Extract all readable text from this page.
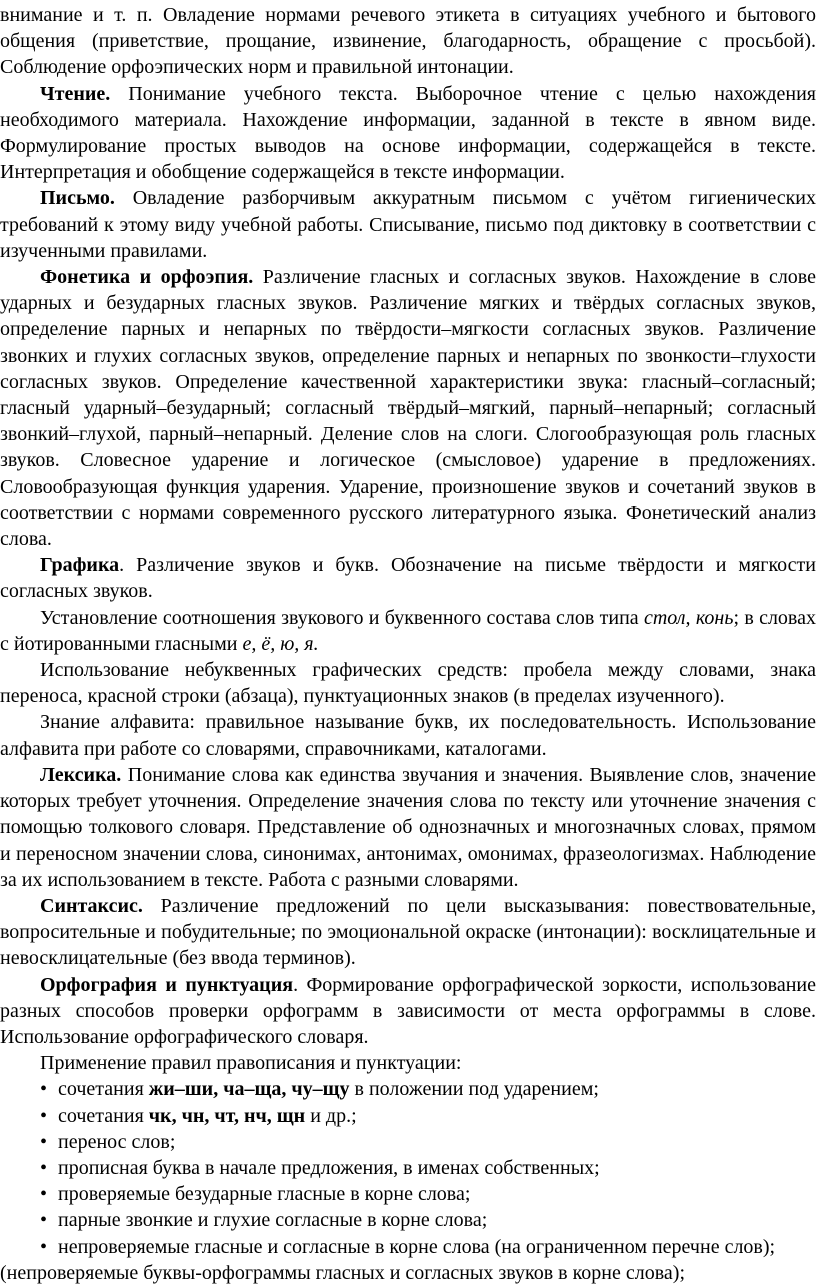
внимание и т. п. Овладение нормами речевого этикета в ситуациях учебного и бытового общения (приветствие, прощание, извинение, благодарность, обращение с просьбой). Соблюдение орфоэпических норм и правильной интонации.

Чтение. Понимание учебного текста. Выборочное чтение с целью нахождения необходимого материала. Нахождение информации, заданной в тексте в явном виде. Формулирование простых выводов на основе информации, содержащейся в тексте. Интерпретация и обобщение содержащейся в тексте информации.

Письмо. Овладение разборчивым аккуратным письмом с учётом гигиенических требований к этому виду учебной работы. Списывание, письмо под диктовку в соответствии с изученными правилами.

Фонетика и орфоэпия. Различение гласных и согласных звуков. Нахождение в слове ударных и безударных гласных звуков. Различение мягких и твёрдых согласных звуков, определение парных и непарных по твёрдости–мягкости согласных звуков. Различение звонких и глухих согласных звуков, определение парных и непарных по звонкости–глухости согласных звуков. Определение качественной характеристики звука: гласный–согласный; гласный ударный–безударный; согласный твёрдый–мягкий, парный–непарный; согласный звонкий–глухой, парный–непарный. Деление слов на слоги. Слогообразующая роль гласных звуков. Словесное ударение и логическое (смысловое) ударение в предложениях. Словообразующая функция ударения. Ударение, произношение звуков и сочетаний звуков в соответствии с нормами современного русского литературного языка. Фонетический анализ слова.

Графика. Различение звуков и букв. Обозначение на письме твёрдости и мягкости согласных звуков.

Установление соотношения звукового и буквенного состава слов типа стол, конь; в словах с йотированными гласными е, ё, ю, я.

Использование небуквенных графических средств: пробела между словами, знака переноса, красной строки (абзаца), пунктуационных знаков (в пределах изученного).

Знание алфавита: правильное называние букв, их последовательность. Использование алфавита при работе со словарями, справочниками, каталогами.

Лексика. Понимание слова как единства звучания и значения. Выявление слов, значение которых требует уточнения. Определение значения слова по тексту или уточнение значения с помощью толкового словаря. Представление об однозначных и многозначных словах, прямом и переносном значении слова, синонимах, антонимах, омонимах, фразеологизмах. Наблюдение за их использованием в тексте. Работа с разными словарями.

Синтаксис. Различение предложений по цели высказывания: повествовательные, вопросительные и побудительные; по эмоциональной окраске (интонации): восклицательные и невосклицательные (без ввода терминов).

Орфография и пунктуация. Формирование орфографической зоркости, использование разных способов проверки орфограмм в зависимости от места орфограммы в слове. Использование орфографического словаря.

Применение правил правописания и пунктуации:

• сочетания жи–ши, ча–ща, чу–щу в положении под ударением;
• сочетания чк, чн, чт, нч, щн и др.;
• перенос слов;
• прописная буква в начале предложения, в именах собственных;
• проверяемые безударные гласные в корне слова;
• парные звонкие и глухие согласные в корне слова;
• непроверяемые гласные и согласные в корне слова (на ограниченном перечне слов);

(непроверяемые буквы-орфограммы гласных и согласных звуков в корне слова);
